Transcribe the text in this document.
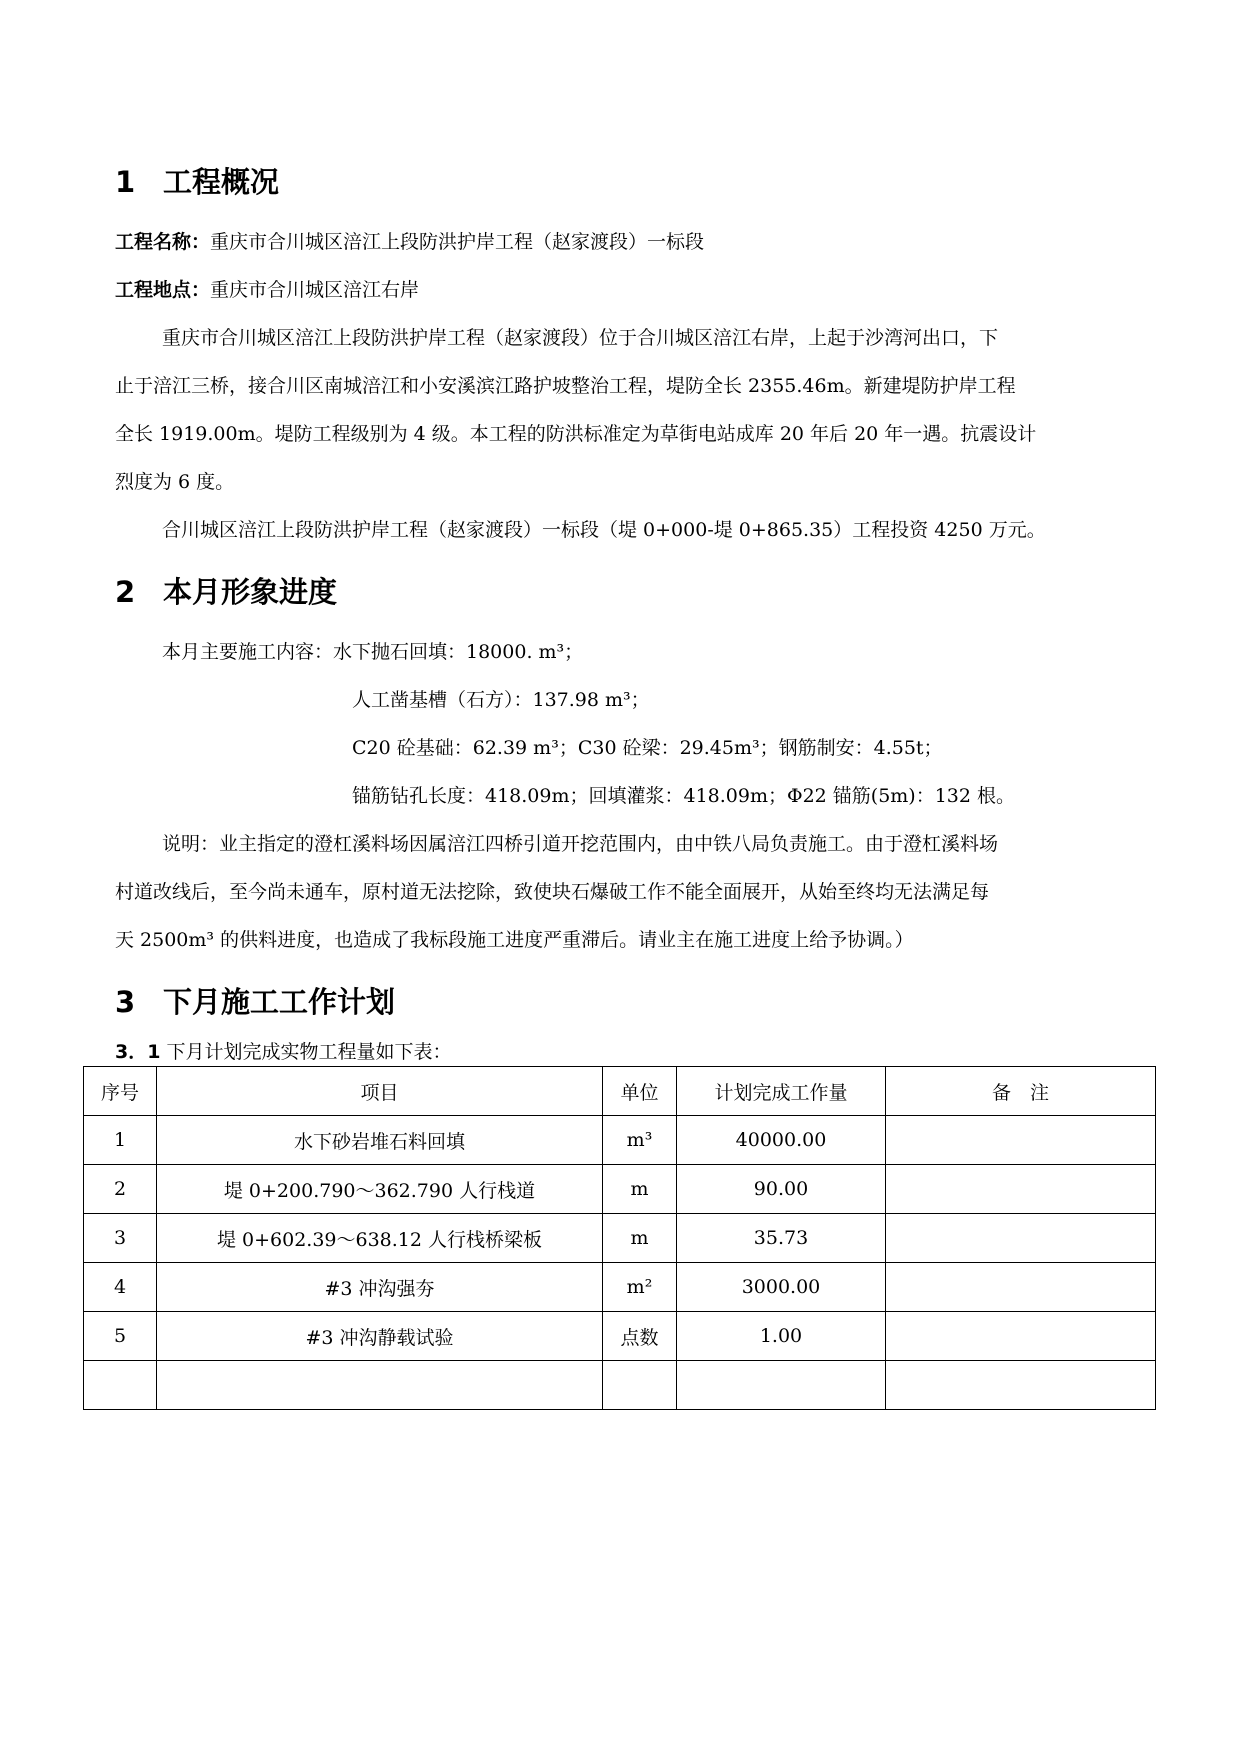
1 工程概况
工程名称：重庆市合川城区涪江上段防洪护岸工程（赵家渡段）一标段
工程地点：重庆市合川城区涪江右岸
重庆市合川城区涪江上段防洪护岸工程（赵家渡段）位于合川城区涪江右岸，上起于沙湾河出口，下
止于涪江三桥，接合川区南城涪江和小安溪滨江路护坡整治工程，堤防全长 2355.46m。新建堤防护岸工程
全长 1919.00m。堤防工程级别为 4 级。本工程的防洪标准定为草街电站成库 20 年后 20 年一遇。抗震设计
烈度为 6 度。
合川城区涪江上段防洪护岸工程（赵家渡段）一标段（堤 0+000-堤 0+865.35）工程投资 4250 万元。
2 本月形象进度
本月主要施工内容：水下抛石回填：18000. m³；
人工凿基槽（石方）：137.98 m³；
C20 砼基础：62.39 m³；C30 砼梁：29.45m³；钢筋制安：4.55t；
锚筋钻孔长度：418.09m；回填灌浆：418.09m；Φ22 锚筋(5m)：132 根。
说明：业主指定的澄杠溪料场因属涪江四桥引道开挖范围内，由中铁八局负责施工。由于澄杠溪料场
村道改线后，至今尚未通车，原村道无法挖除，致使块石爆破工作不能全面展开，从始至终均无法满足每
天 2500m³ 的供料进度，也造成了我标段施工进度严重滞后。请业主在施工进度上给予协调。）
3 下月施工工作计划
3．1 下月计划完成实物工程量如下表：
序号	项目	单位	计划完成工作量	备　注
1	水下砂岩堆石料回填	m³	40000.00	
2	堤 0+200.790～362.790 人行栈道	m	90.00	
3	堤 0+602.39～638.12 人行栈桥梁板	m	35.73	
4	#3 冲沟强夯	m²	3000.00	
5	#3 冲沟静载试验	点数	1.00	
